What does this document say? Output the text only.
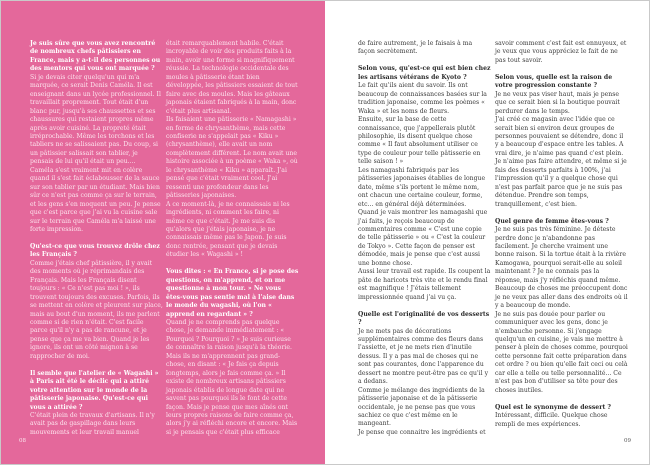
Je suis sûre que vous avez rencontré de nombreux chefs pâtissiers en France, mais y a-t-il des personnes ou des mentors qui vous ont marquée ?
Si je devais citer quelqu'un qui m'a marquée, ce serait Denis Caméla. Il est enseignant dans un lycée professionnel. Il travaillait proprement. Tout était d'un blanc pur, jusqu'à ses chaussettes et ses chaussures qui restaient propres même après avoir cuisiné. La propreté était irréprochable. Même les torchons et les tabliers ne se salissaient pas. Du coup, si un pâtissier salissait son tablier, je pensais de lui qu'il était un peu....
Caméla s'est vraiment mit en colère quand il s'est fait éclabousser de la sauce sur son tablier par un étudiant. Mais bien sûr ce n'est pas comme ça sur le terrain, et les gens s'en moquent un peu. Je pense que c'est parce que j'ai vu la cuisine sale sur le terrain que Caméla m'a laissé une forte impression.
Qu'est-ce que vous trouvez drôle chez les Français ?
Comme j'étais chef pâtissière, il y avait des moments où je réprimandais des Français. Mais les Français disent toujours : « Ce n'est pas moi ! », ils trouvent toujours des excuses. Parfois, ils se mettent en colère et pleurent sur place, mais au bout d'un moment, ils me parlent comme si de rien n'était. C'est facile parce qu'il n'y a pas de rancune, et je pense que ça me va bien. Quand je les ignore, ils ont un côté mignon à se rapprocher de moi.
Il semble que l'atelier de « Wagashi » à Paris ait été le déclic qui a attiré votre attention sur le monde de la pâtisserie japonaise. Qu'est-ce qui vous a attirée ?
C'était plein de travaux d'artisans. Il n'y avait pas de gaspillage dans leurs mouvements et leur travail manuel
était remarquablement habile. C'était incroyable de voir des produits faits à la main, avoir une forme si magnifiquement réussie. La technologie occidentale des moules à pâtisserie étant bien développée, les pâtissiers essaient de tout faire avec des moules. Mais les gâteaux japonais étaient fabriqués à la main, donc c'était plus artisanal.
Ils faisaient une pâtisserie « Namagashi » en forme de chrysanthème, mais cette confiserie ne s'appelait pas « Kiku » (chrysanthème), elle avait un nom complètement différent. Le nom avait une histoire associée à un poème « Waka », où le chrysanthème « Kiku » apparaît. J'ai pensé que c'était vraiment cool. J'ai ressenti une profondeur dans les pâtisseries japonaises.
A ce moment-là, je ne connaissais ni les ingrédients, ni comment les faire, ni même ce que c'était. Je me suis dis qu'alors que j'étais japonaise, je ne connaissais même pas le Japon. Je suis donc rentrée, pensant que je devais étudier les « Wagashi » !
Vous dites : « En France, si je pose des questions, on m'apprend, et on me questionne à mon tour. » Ne vous êtes-vous pas sentie mal à l'aise dans le monde du wagashi, où l'on « apprend en regardant » ?
Quand je ne comprends pas quelque chose, je demande immédiatement : « Pourquoi ? Pourquoi ? » Je suis curieuse de connaître la raison jusqu'à la théorie. Mais ils ne m'apprennent pas grand-chose, en disant : « Je fais ça depuis longtemps, alors je fais comme ça. » Il existe de nombreux artisans pâtissiers japonais établis de longue date qui ne savent pas pourquoi ils le font de cette façon. Mais je pense que mes aînés ont leurs propres raisons de faire comme ça, alors j'y ai réfléchi encore et encore. Mais si je pensais que c'était plus efficace
08
de faire autrement, je le faisais à ma façon secrètement.
Selon vous, qu'est-ce qui est bien chez les artisans vétérans de Kyoto ?
Le fait qu'ils aient du savoir. Ils ont beaucoup de connaissances basées sur la tradition japonaise, comme les poèmes « Waka » et les noms de fleurs.
Ensuite, sur la base de cette connaissance, que j'appellerais plutôt philosophie, ils disent quelque chose comme « Il faut absolument utiliser ce type de couleur pour telle pâtisserie en telle saison ! »
Les namagashi fabriqués par les pâtisseries japonaises établies de longue date, même s'ils portent le même nom, ont chacun une certaine couleur, forme, etc... en général déjà déterminées.
Quand je vais montrer les namagashi que j'ai faits, je reçois beaucoup de commentaires comme « C'est une copie de telle pâtisserie » ou « C'est la couleur de Tokyo ». Cette façon de penser est démodée, mais je pense que c'est aussi une bonne chose.
Aussi leur travail est rapide. Ils coupent la pâte de haricots très vite et le rendu final est magnifique ! J'étais tellement impressionnée quand j'ai vu ça.
Quelle est l'originalité de vos desserts ?
Je ne mets pas de décorations supplémentaires comme des fleurs dans l'assiette, et je ne mets rien d'inutile dessus. Il y a pas mal de choses qui ne sont pas courantes, donc l'apparence du dessert ne montre peut-être pas ce qu'il y a dedans.
Comme je mélange des ingrédients de la pâtisserie japonaise et de la pâtisserie occidentale, je ne pense pas que vous sachiez ce que c'est même en le mangeant.
Je pense que connaitre les ingrédients et
savoir comment c'est fait est ennuyeux, et je veux que vous appréciez le fait de ne pas tout savoir.
Selon vous, quelle est la raison de votre progression constante ?
Je ne veux pas viser haut, mais je pense que ce serait bien si la boutique pouvait perdurer dans le temps.
J'ai créé ce magasin avec l'idée que ce serait bien si environ deux groupes de personnes pouvaient se détendre, donc il y a beaucoup d'espace entre les tables. A vrai dire, je n'aime pas quand c'est plein. Je n'aime pas faire attendre, et même si je fais des desserts parfaits à 100%, j'ai l'impression qu'il y a quelque chose qui n'est pas parfait parce que je ne suis pas détendue. Prendre son temps, tranquillement, c'est bien.
Quel genre de femme êtes-vous ?
Je ne suis pas très féminine. Je déteste perdre donc je n'abandonne pas facilement. Je cherche vraiment une bonne raison. Si la tortue était à la rivière Kamogawa, pourquoi serait-elle au soleil maintenant ? Je ne connais pas la réponse, mais j'y réfléchis quand même. Beaucoup de choses me préoccupent donc je ne veux pas aller dans des endroits où il y a beaucoup de monde.
Je ne suis pas douée pour parler ou communiquer avec les gens, donc je n'embauche personne. Si j'engage quelqu'un en cuisine, je vais me mettre à penser à plein de choses comme, pourquoi cette personne fait cette préparation dans cet ordre ? ou bien qu'elle fait ceci ou celà car elle a telle ou telle personnalité... Ce n'est pas bon d'utiliser sa tête pour des choses inutiles.
Quel est le synonyme de dessert ?
Intéressant, difficile. Quelque chose rempli de mes expériences.
09
